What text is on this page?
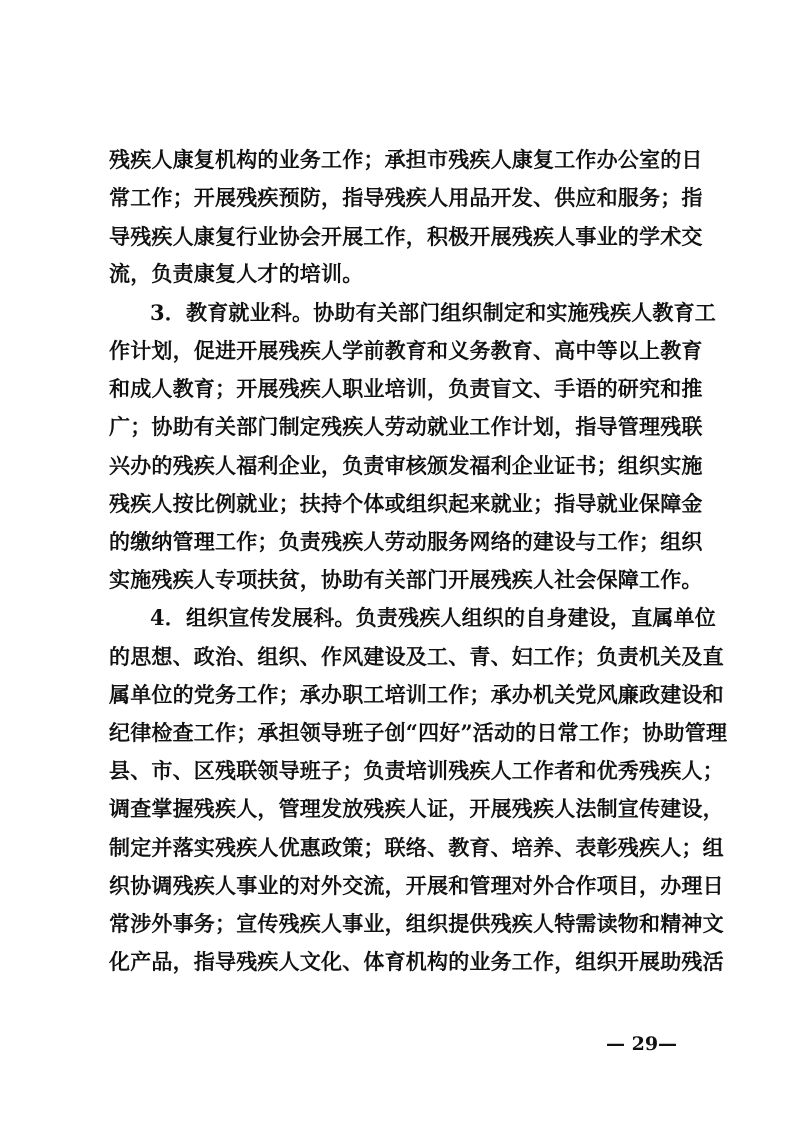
残疾人康复机构的业务工作；承担市残疾人康复工作办公室的日
常工作；开展残疾预防，指导残疾人用品开发、供应和服务；指
导残疾人康复行业协会开展工作，积极开展残疾人事业的学术交
流，负责康复人才的培训。
3．教育就业科。协助有关部门组织制定和实施残疾人教育工
作计划，促进开展残疾人学前教育和义务教育、高中等以上教育
和成人教育；开展残疾人职业培训，负责盲文、手语的研究和推
广；协助有关部门制定残疾人劳动就业工作计划，指导管理残联
兴办的残疾人福利企业，负责审核颁发福利企业证书；组织实施
残疾人按比例就业；扶持个体或组织起来就业；指导就业保障金
的缴纳管理工作；负责残疾人劳动服务网络的建设与工作；组织
实施残疾人专项扶贫，协助有关部门开展残疾人社会保障工作。
4．组织宣传发展科。负责残疾人组织的自身建设，直属单位
的思想、政治、组织、作风建设及工、青、妇工作；负责机关及直
属单位的党务工作；承办职工培训工作；承办机关党风廉政建设和
纪律检查工作；承担领导班子创“四好”活动的日常工作；协助管理
县、市、区残联领导班子；负责培训残疾人工作者和优秀残疾人；
调查掌握残疾人，管理发放残疾人证，开展残疾人法制宣传建设，
制定并落实残疾人优惠政策；联络、教育、培养、表彰残疾人；组
织协调残疾人事业的对外交流，开展和管理对外合作项目，办理日
常涉外事务；宣传残疾人事业，组织提供残疾人特需读物和精神文
化产品，指导残疾人文化、体育机构的业务工作，组织开展助残活
— 29—
